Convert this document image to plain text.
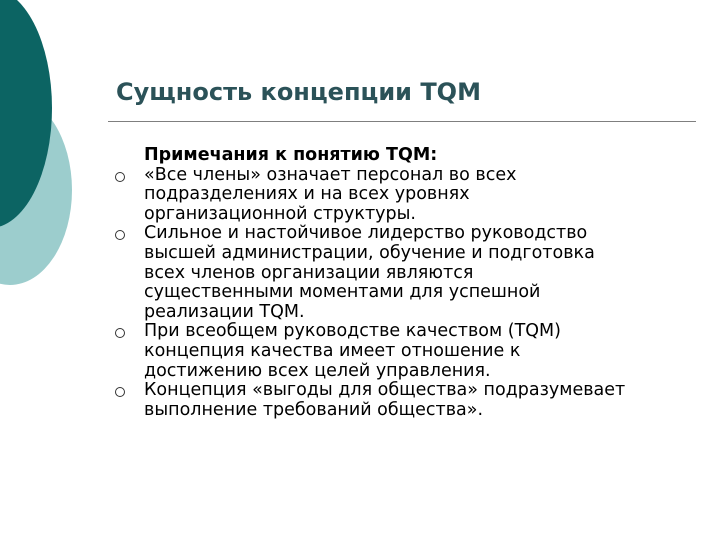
Сущность концепции TQM
Примечания к понятию TQM:
«Все члены» означает персонал во всех
подразделениях и на всех уровнях
организационной структуры.
Сильное и настойчивое лидерство руководство
высшей администрации, обучение и подготовка
всех членов организации являются
существенными моментами для успешной
реализации TQM.
При всеобщем руководстве качеством (TQM)
концепция качества имеет отношение к
достижению всех целей управления.
Концепция «выгоды для общества» подразумевает
выполнение требований общества».
